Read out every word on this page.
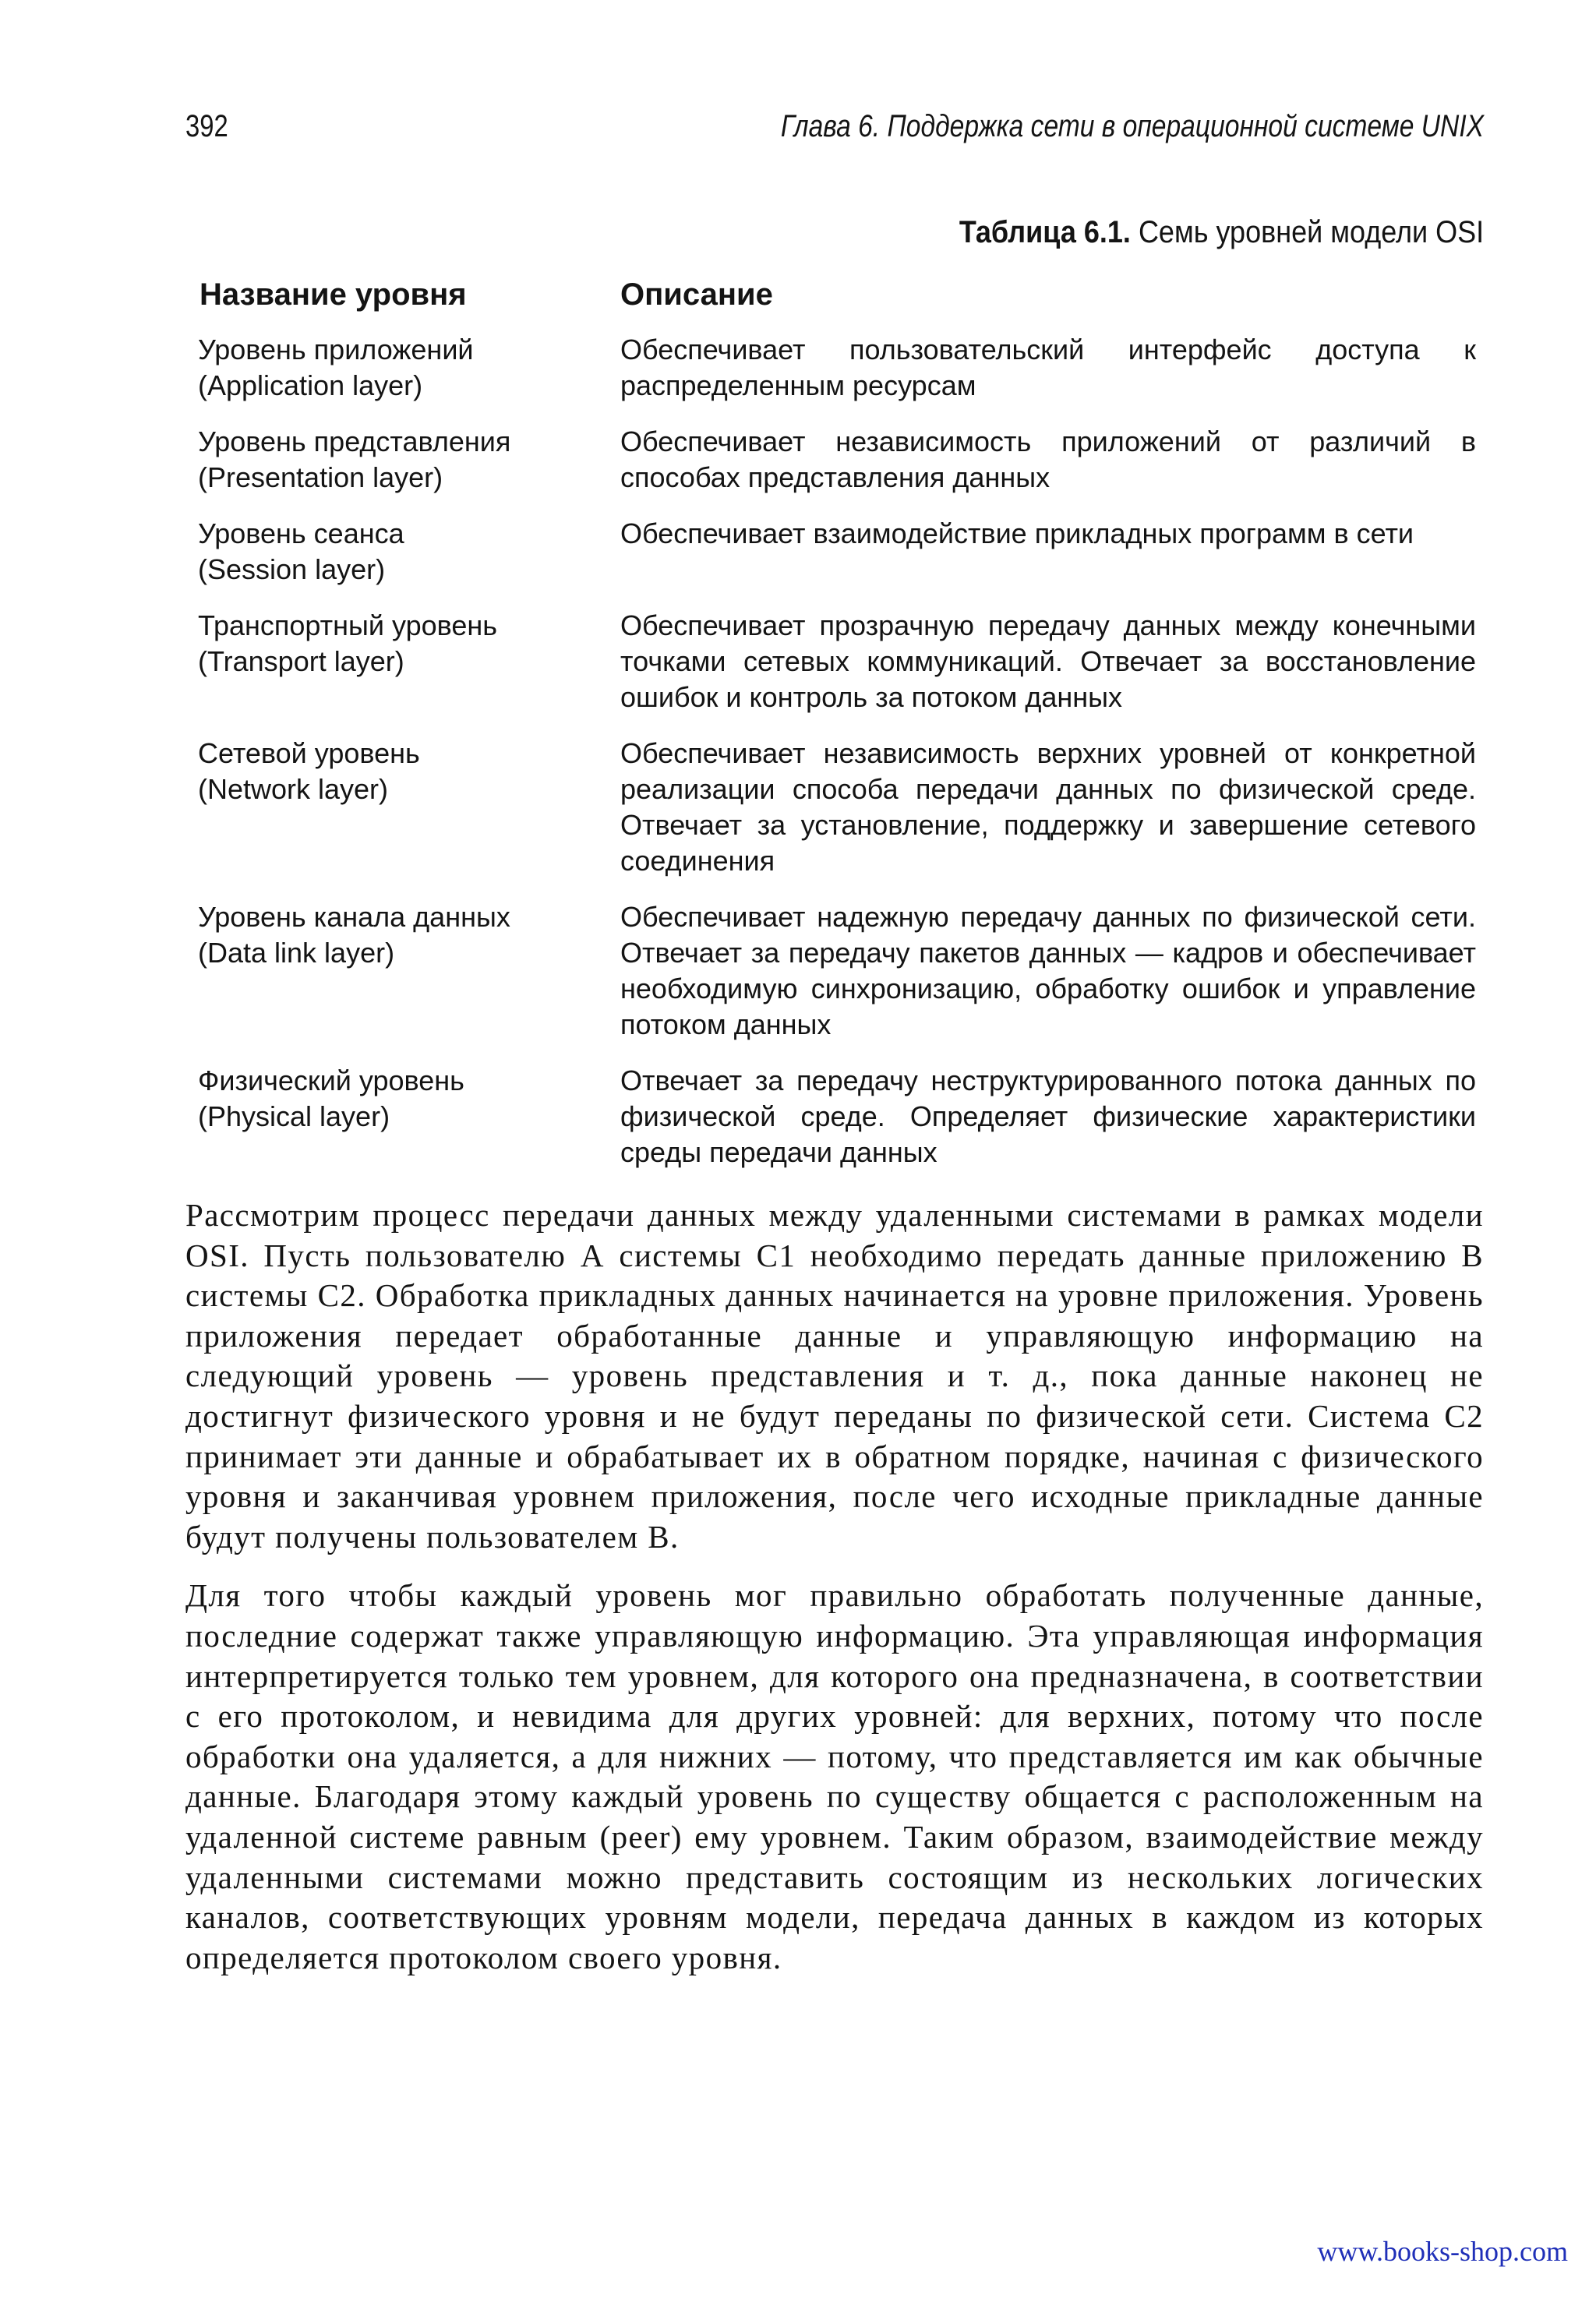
392	Глава 6. Поддержка сети в операционной системе UNIX
Таблица 6.1. Семь уровней модели OSI
Название уровня	Описание
Уровень приложений
(Application layer)
Обеспечивает пользовательский интерфейс доступа к распределенным ресурсам
Уровень представления
(Presentation layer)
Обеспечивает независимость приложений от различий в способах представления данных
Уровень сеанса
(Session layer)
Обеспечивает взаимодействие прикладных программ в сети
Транспортный уровень
(Transport layer)
Обеспечивает прозрачную передачу данных между конечными точками сетевых коммуникаций. Отвечает за восстановление ошибок и контроль за потоком данных
Сетевой уровень
(Network layer)
Обеспечивает независимость верхних уровней от конкретной реализации способа передачи данных по физической среде. Отвечает за установление, поддержку и завершение сетевого соединения
Уровень канала данных
(Data link layer)
Обеспечивает надежную передачу данных по физической сети. Отвечает за передачу пакетов данных — кадров и обеспечивает необходимую синхронизацию, обработку ошибок и управление потоком данных
Физический уровень
(Physical layer)
Отвечает за передачу неструктурированного потока данных по физической среде. Определяет физические характеристики среды передачи данных

Рассмотрим процесс передачи данных между удаленными системами в рамках модели OSI. Пусть пользователю А системы С1 необходимо передать данные приложению В системы С2. Обработка прикладных данных начинается на уровне приложения. Уровень приложения передает обработанные данные и управляющую информацию на следующий уровень — уровень представления и т. д., пока данные наконец не достигнут физического уровня и не будут переданы по физической сети. Система С2 принимает эти данные и обрабатывает их в обратном порядке, начиная с физического уровня и заканчивая уровнем приложения, после чего исходные прикладные данные будут получены пользователем В.

Для того чтобы каждый уровень мог правильно обработать полученные данные, последние содержат также управляющую информацию. Эта управляющая информация интерпретируется только тем уровнем, для которого она предназначена, в соответствии с его протоколом, и невидима для других уровней: для верхних, потому что после обработки она удаляется, а для нижних — потому, что представляется им как обычные данные. Благодаря этому каждый уровень по существу общается с расположенным на удаленной системе равным (peer) ему уровнем. Таким образом, взаимодействие между удаленными системами можно представить состоящим из нескольких логических каналов, соответствующих уровням модели, передача данных в каждом из которых определяется протоколом своего уровня.

www.books-shop.com
